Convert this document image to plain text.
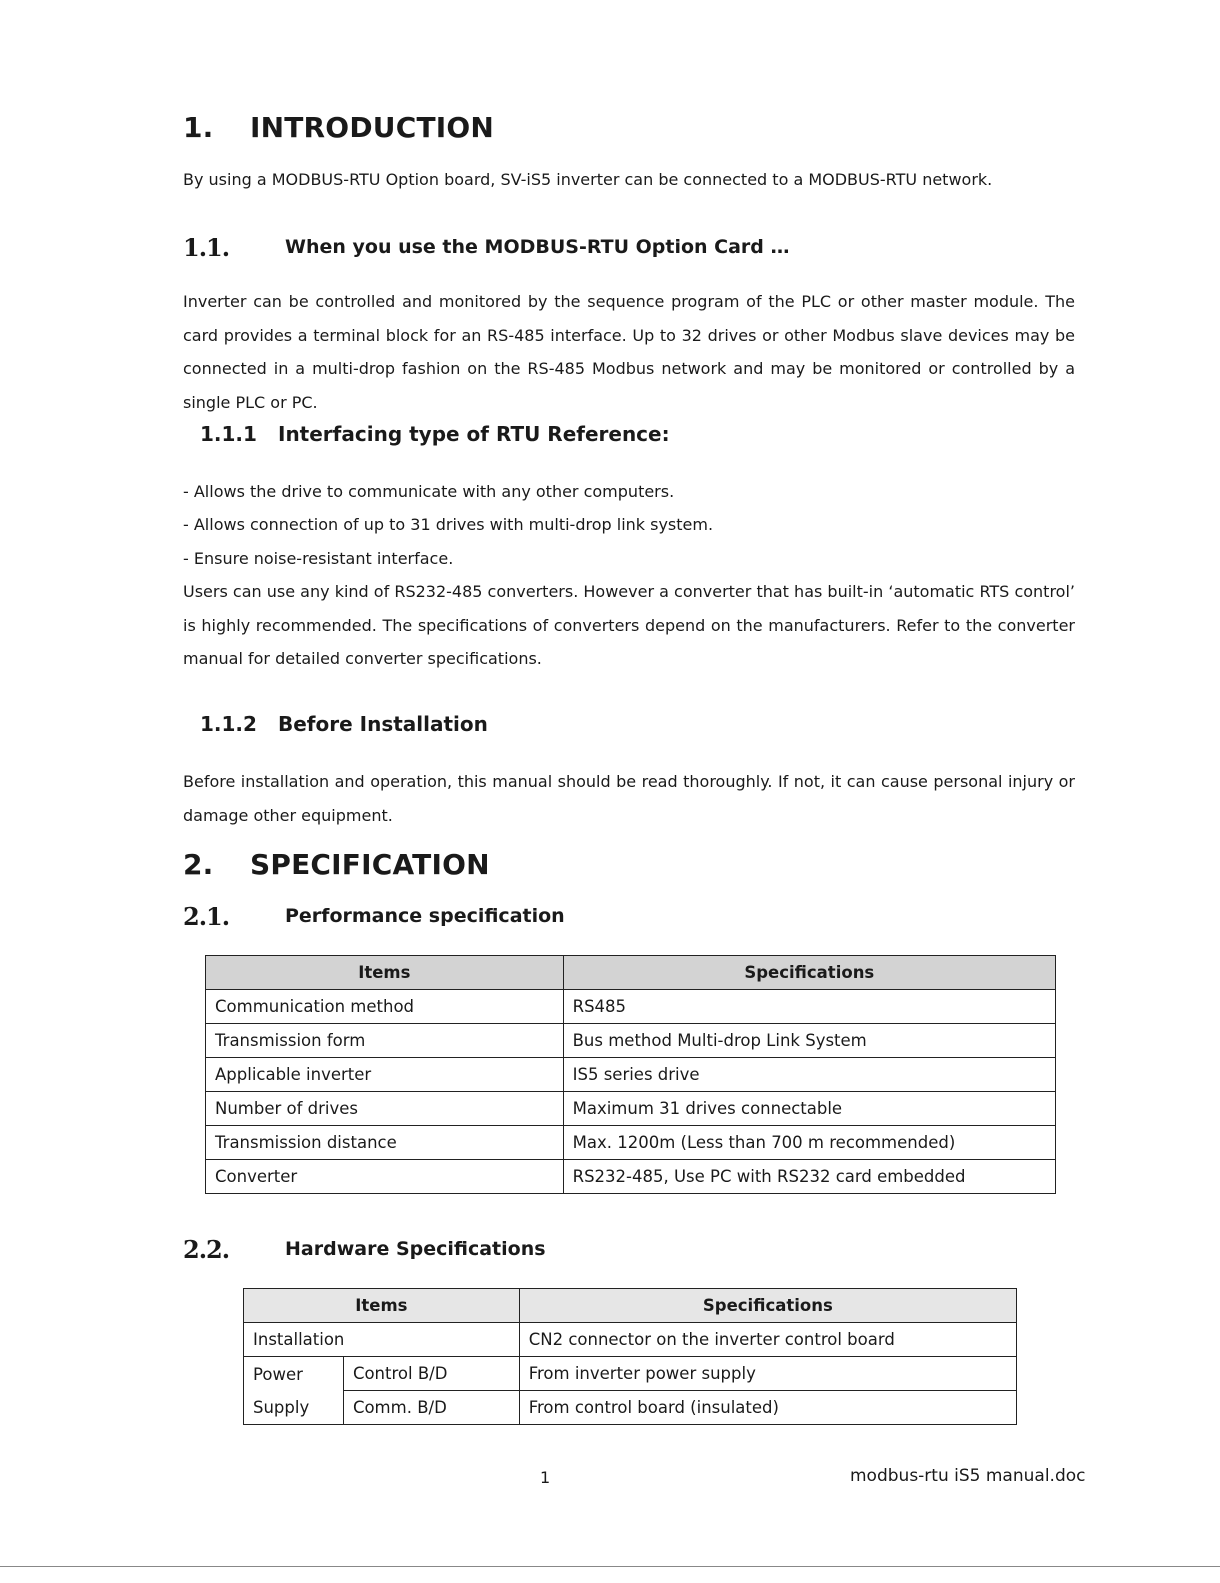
1. INTRODUCTION

By using a MODBUS-RTU Option board, SV-iS5 inverter can be connected to a MODBUS-RTU network.

1.1.	When you use the MODBUS-RTU Option Card …

Inverter can be controlled and monitored by the sequence program of the PLC or other master module. The card provides a terminal block for an RS-485 interface. Up to 32 drives or other Modbus slave devices may be connected in a multi-drop fashion on the RS-485 Modbus network and may be monitored or controlled by a single PLC or PC.

1.1.1 Interfacing type of RTU Reference:

- Allows the drive to communicate with any other computers.

- Allows connection of up to 31 drives with multi-drop link system.

- Ensure noise-resistant interface.

Users can use any kind of RS232-485 converters. However a converter that has built-in ‘automatic RTS control’ is highly recommended. The specifications of converters depend on the manufacturers. Refer to the converter manual for detailed converter specifications.

1.1.2 Before Installation

Before installation and operation, this manual should be read thoroughly. If not, it can cause personal injury or damage other equipment.

2. SPECIFICATION
2.1.	Performance specification
Items	Specifications
Communication method	RS485
Transmission form	Bus method Multi-drop Link System
Applicable inverter	IS5 series drive
Number of drives	Maximum 31 drives connectable
Transmission distance	Max. 1200m (Less than 700 m recommended)
Converter	RS232-485, Use PC with RS232 card embedded
2.2.	Hardware Specifications
Items		Specifications
Installation		CN2 connector on the inverter control board
Power Supply	Control B/D	From inverter power supply
	Comm. B/D	From control board (insulated)
1	modbus-rtu iS5 manual.doc
